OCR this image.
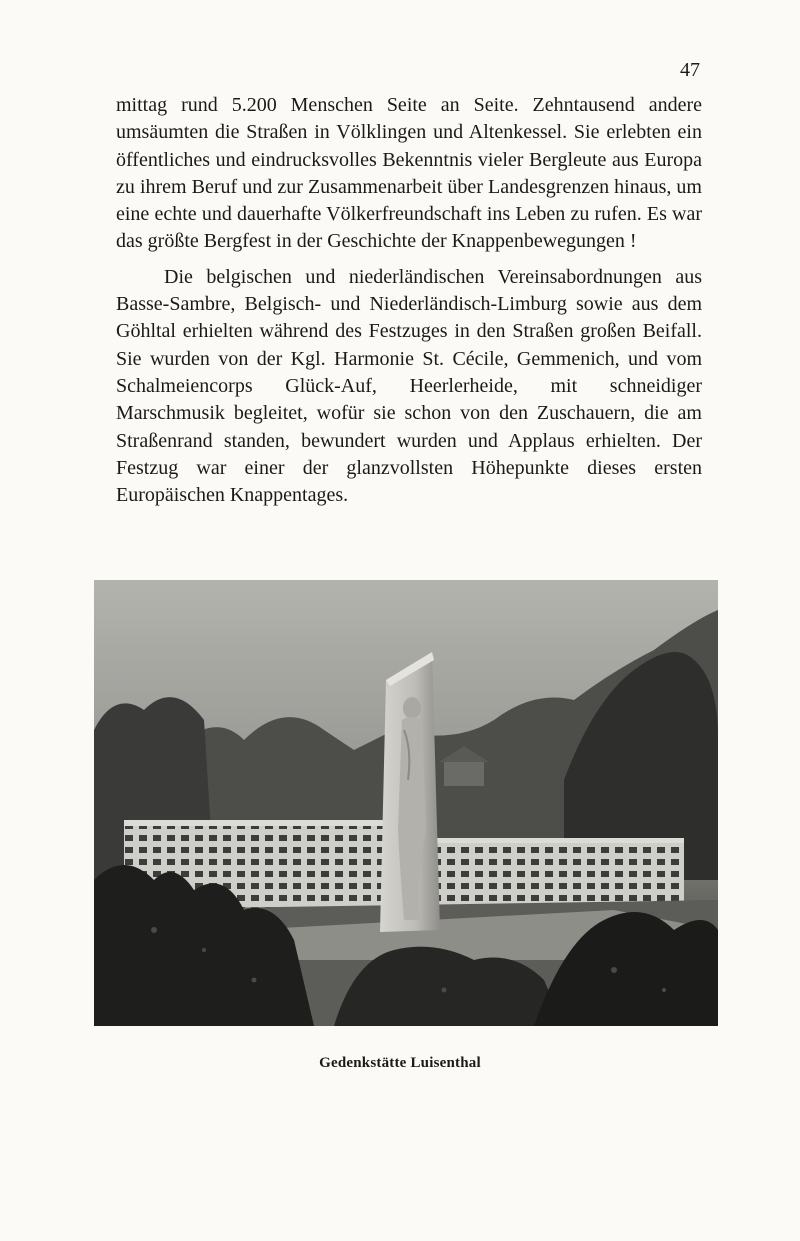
47

mittag rund 5.200 Menschen Seite an Seite. Zehntausend andere umsäumten die Straßen in Völklingen und Altenkessel. Sie erlebten ein öffentliches und eindrucksvolles Bekenntnis vieler Bergleute aus Europa zu ihrem Beruf und zur Zusammenarbeit über Landesgrenzen hinaus, um eine echte und dauerhafte Völkerfreundschaft ins Leben zu rufen. Es war das größte Bergfest in der Geschichte der Knappenbewegungen !

Die belgischen und niederländischen Vereinsabordnungen aus Basse-Sambre, Belgisch- und Niederländisch-Limburg sowie aus dem Göhltal erhielten während des Festzuges in den Straßen großen Beifall. Sie wurden von der Kgl. Harmonie St. Cécile, Gemmenich, und vom Schalmeiencorps Glück-Auf, Heerlerheide, mit schneidiger Marschmusik begleitet, wofür sie schon von den Zuschauern, die am Straßenrand standen, bewundert wurden und Applaus erhielten. Der Festzug war einer der glanzvollsten Höhepunkte dieses ersten Europäischen Knappentages.

Gedenkstätte Luisenthal
